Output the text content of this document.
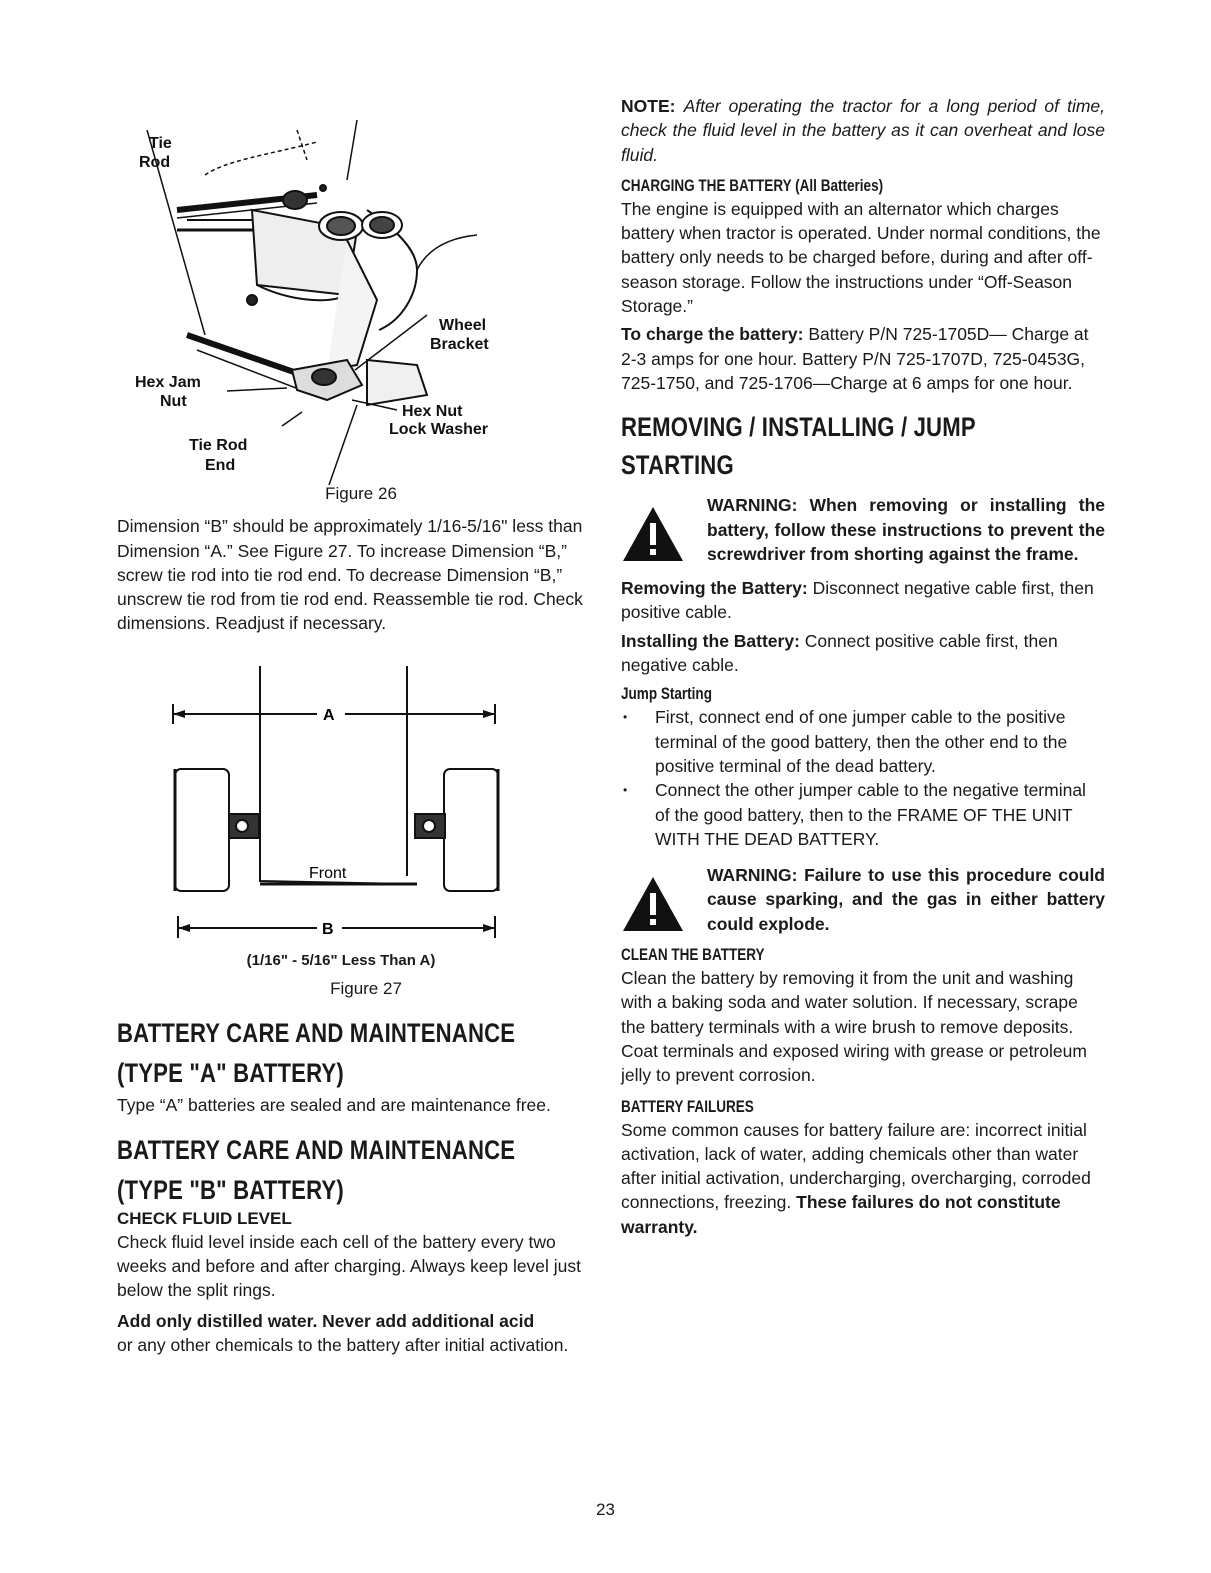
Tie Rod
Wheel Bracket
Hex Jam Nut
Hex Nut Lock Washer
Tie Rod End

Figure 26

Dimension “B” should be approximately 1/16-5/16" less than Dimension “A.” See Figure 27. To increase Dimension “B,” screw tie rod into tie rod end. To decrease Dimension “B,” unscrew tie rod from tie rod end. Reassemble tie rod. Check dimensions. Readjust if necessary.

A
Front
B

(1/16" - 5/16" Less Than A)

Figure 27

BATTERY CARE AND MAINTENANCE
(TYPE "A" BATTERY)

Type “A” batteries are sealed and are maintenance free.

BATTERY CARE AND MAINTENANCE
(TYPE "B" BATTERY)

CHECK FLUID LEVEL

Check fluid level inside each cell of the battery every two weeks and before and after charging. Always keep level just below the split rings.

Add only distilled water. Never add additional acid

or any other chemicals to the battery after initial activation.

NOTE: After operating the tractor for a long period of time, check the fluid level in the battery as it can overheat and lose fluid.

CHARGING THE BATTERY (All Batteries)

The engine is equipped with an alternator which charges battery when tractor is operated. Under normal conditions, the battery only needs to be charged before, during and after off-season storage. Follow the instructions under “Off-Season Storage.”

To charge the battery: Battery P/N 725-1705D— Charge at 2-3 amps for one hour. Battery P/N 725-1707D, 725-0453G, 725-1750, and 725-1706—Charge at 6 amps for one hour.

REMOVING / INSTALLING / JUMP
STARTING

WARNING: When removing or installing the battery, follow these instructions to prevent the screwdriver from shorting against the frame.

Removing the Battery: Disconnect negative cable first, then positive cable.

Installing the Battery: Connect positive cable first, then negative cable.

Jump Starting

• First, connect end of one jumper cable to the positive terminal of the good battery, then the other end to the positive terminal of the dead battery.
• Connect the other jumper cable to the negative terminal of the good battery, then to the FRAME OF THE UNIT WITH THE DEAD BATTERY.

WARNING: Failure to use this procedure could cause sparking, and the gas in either battery could explode.

CLEAN THE BATTERY

Clean the battery by removing it from the unit and washing with a baking soda and water solution. If necessary, scrape the battery terminals with a wire brush to remove deposits. Coat terminals and exposed wiring with grease or petroleum jelly to prevent corrosion.

BATTERY FAILURES

Some common causes for battery failure are: incorrect initial activation, lack of water, adding chemicals other than water after initial activation, undercharging, overcharging, corroded connections, freezing. These failures do not constitute warranty.

23
